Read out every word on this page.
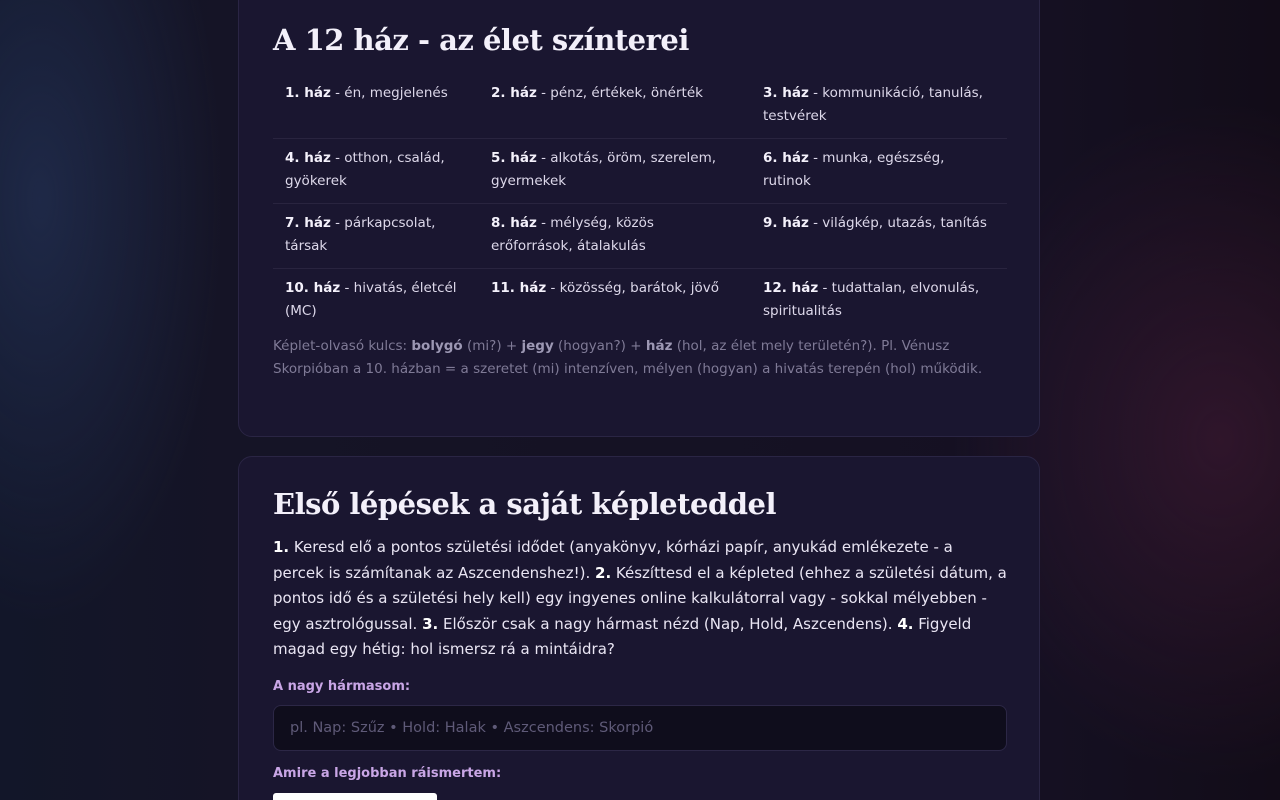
A 12 ház - az élet színterei
1. ház - én, megjelenés	2. ház - pénz, értékek, önérték	3. ház - kommunikáció, tanulás, testvérek
4. ház - otthon, család, gyökerek	5. ház - alkotás, öröm, szerelem, gyermekek	6. ház - munka, egészség, rutinok
7. ház - párkapcsolat, társak	8. ház - mélység, közös erőforrások, átalakulás	9. ház - világkép, utazás, tanítás
10. ház - hivatás, életcél (MC)	11. ház - közösség, barátok, jövő	12. ház - tudattalan, elvonulás, spiritualitás

Képlet-olvasó kulcs: bolygó (mi?) + jegy (hogyan?) + ház (hol, az élet mely területén?). Pl. Vénusz Skorpióban a 10. házban = a szeretet (mi) intenzíven, mélyen (hogyan) a hivatás terepén (hol) működik.

Első lépések a saját képleteddel

1. Keresd elő a pontos születési idődet (anyakönyv, kórházi papír, anyukád emlékezete - a percek is számítanak az Aszcendenshez!). 2. Készíttesd el a képleted (ehhez a születési dátum, a pontos idő és a születési hely kell) egy ingyenes online kalkulátorral vagy - sokkal mélyebben - egy asztrológussal. 3. Először csak a nagy hármast nézd (Nap, Hold, Aszcendens). 4. Figyeld magad egy hétig: hol ismersz rá a mintáidra?

A nagy hármasom:
pl. Nap: Szűz • Hold: Halak • Aszcendens: Skorpió
Amire a legjobban ráismertem:
